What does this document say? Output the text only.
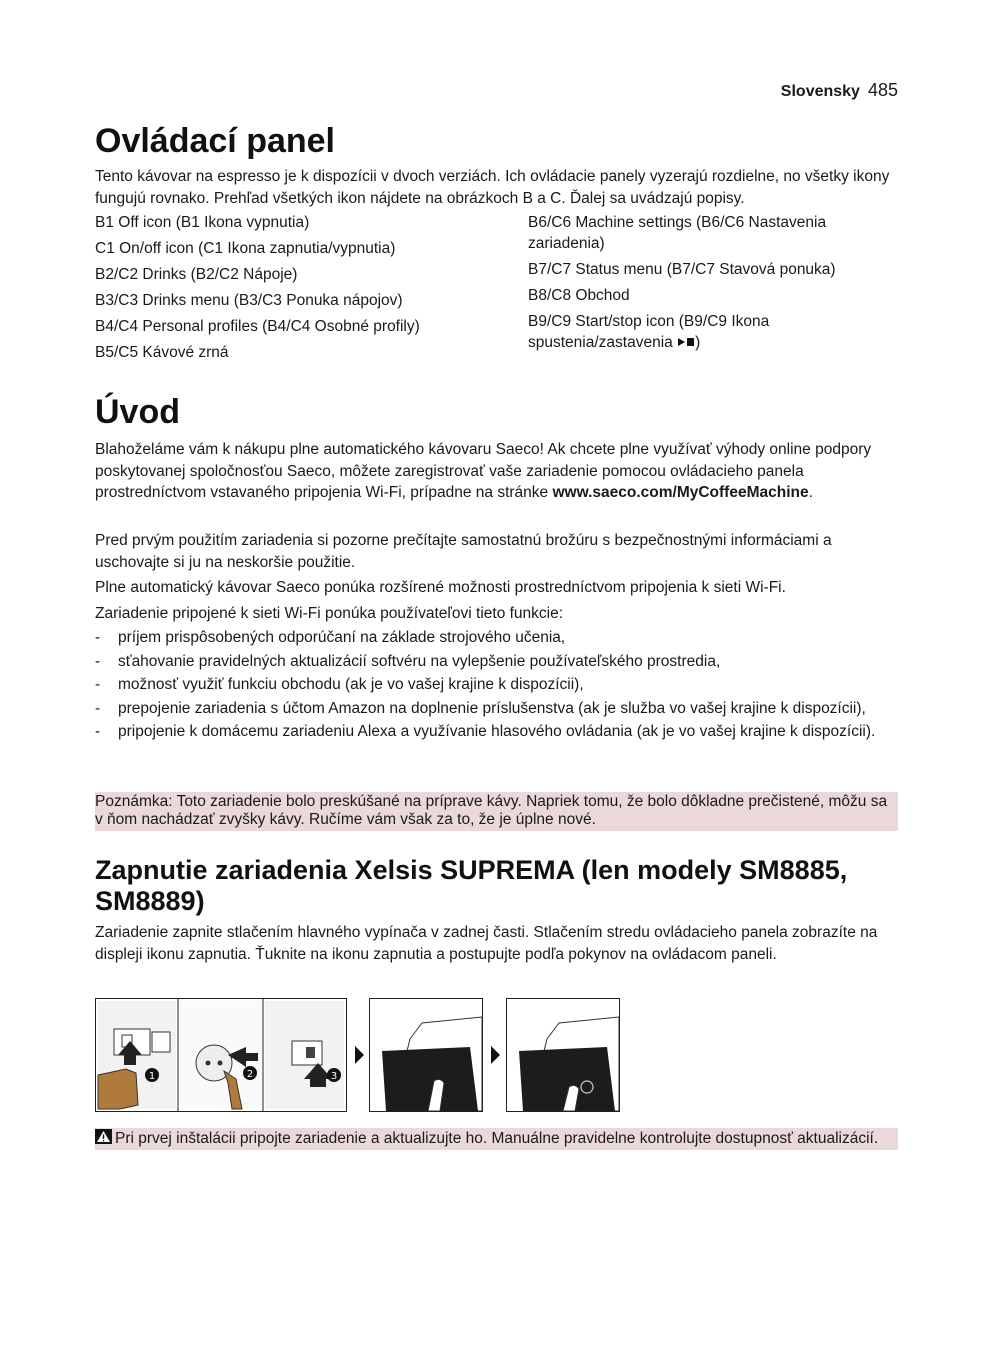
Slovensky 485
Ovládací panel

Tento kávovar na espresso je k dispozícii v dvoch verziách. Ich ovládacie panely vyzerajú rozdielne, no všetky ikony fungujú rovnako. Prehľad všetkých ikon nájdete na obrázkoch B a C. Ďalej sa uvádzajú popisy.

B1 Off icon (B1 Ikona vypnutia)
C1 On/off icon (C1 Ikona zapnutia/vypnutia)
B2/C2 Drinks (B2/C2 Nápoje)
B3/C3 Drinks menu (B3/C3 Ponuka nápojov)
B4/C4 Personal profiles (B4/C4 Osobné profily)
B5/C5 Kávové zrná
B6/C6 Machine settings (B6/C6 Nastavenia zariadenia)
B7/C7 Status menu (B7/C7 Stavová ponuka)
B8/C8 Obchod
B9/C9 Start/stop icon (B9/C9 Ikona spustenia/zastavenia )
Úvod

Blahoželáme vám k nákupu plne automatického kávovaru Saeco! Ak chcete plne využívať výhody online podpory poskytovanej spoločnosťou Saeco, môžete zaregistrovať vaše zariadenie pomocou ovládacieho panela prostredníctvom vstavaného pripojenia Wi-Fi, prípadne na stránke www.saeco.com/MyCoffeeMachine.

Pred prvým použitím zariadenia si pozorne prečítajte samostatnú brožúru s bezpečnostnými informáciami a uschovajte si ju na neskoršie použitie.

Plne automatický kávovar Saeco ponúka rozšírené možnosti prostredníctvom pripojenia k sieti Wi-Fi.

Zariadenie pripojené k sieti Wi-Fi ponúka používateľovi tieto funkcie:

- príjem prispôsobených odporúčaní na základe strojového učenia,
- sťahovanie pravidelných aktualizácií softvéru na vylepšenie používateľského prostredia,
- možnosť využiť funkciu obchodu (ak je vo vašej krajine k dispozícii),
- prepojenie zariadenia s účtom Amazon na doplnenie príslušenstva (ak je služba vo vašej krajine k dispozícii),
- pripojenie k domácemu zariadeniu Alexa a využívanie hlasového ovládania (ak je vo vašej krajine k dispozícii).
Poznámka: Toto zariadenie bolo preskúšané na príprave kávy. Napriek tomu, že bolo dôkladne prečistené, môžu sa v ňom nachádzať zvyšky kávy. Ručíme vám však za to, že je úplne nové.
Zapnutie zariadenia Xelsis SUPREMA (len modely SM8885, SM8889)

Zariadenie zapnite stlačením hlavného vypínača v zadnej časti. Stlačením stredu ovládacieho panela zobrazíte na displeji ikonu zapnutia. Ťuknite na ikonu zapnutia a postupujte podľa pokynov na ovládacom paneli.

1	2	3
Pri prvej inštalácii pripojte zariadenie a aktualizujte ho. Manuálne pravidelne kontrolujte dostupnosť aktualizácií.
